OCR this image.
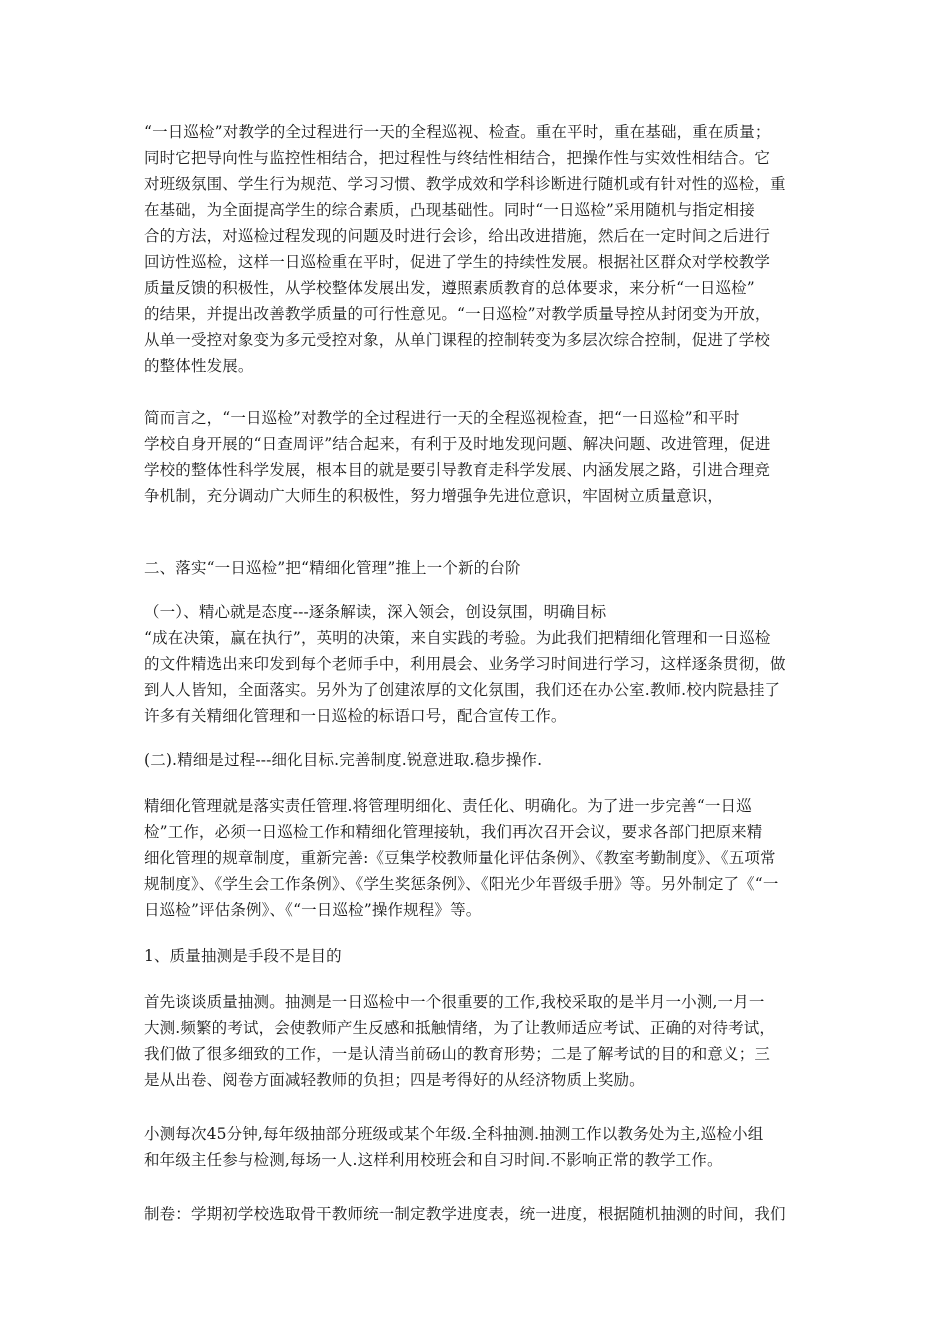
“一日巡检”对教学的全过程进行一天的全程巡视、检查。重在平时，重在基础，重在质量；
同时它把导向性与监控性相结合，把过程性与终结性相结合，把操作性与实效性相结合。它
对班级氛围、学生行为规范、学习习惯、教学成效和学科诊断进行随机或有针对性的巡检，重
在基础，为全面提高学生的综合素质，凸现基础性。同时“一日巡检”采用随机与指定相接
合的方法，对巡检过程发现的问题及时进行会诊，给出改进措施，然后在一定时间之后进行
回访性巡检，这样一日巡检重在平时，促进了学生的持续性发展。根据社区群众对学校教学
质量反馈的积极性，从学校整体发展出发，遵照素质教育的总体要求，来分析“一日巡检”
的结果，并提出改善教学质量的可行性意见。“一日巡检”对教学质量导控从封闭变为开放，
从单一受控对象变为多元受控对象，从单门课程的控制转变为多层次综合控制，促进了学校
的整体性发展。
简而言之，“一日巡检”对教学的全过程进行一天的全程巡视检查，把“一日巡检”和平时
学校自身开展的“日查周评”结合起来，有利于及时地发现问题、解决问题、改进管理，促进
学校的整体性科学发展，根本目的就是要引导教育走科学发展、内涵发展之路，引进合理竞
争机制，充分调动广大师生的积极性，努力增强争先进位意识，牢固树立质量意识，
二、落实“一日巡检”把“精细化管理”推上一个新的台阶
（一）、精心就是态度---逐条解读，深入领会，创设氛围，明确目标
“成在决策，赢在执行”，英明的决策，来自实践的考验。为此我们把精细化管理和一日巡检
的文件精选出来印发到每个老师手中，利用晨会、业务学习时间进行学习，这样逐条贯彻，做
到人人皆知，全面落实。另外为了创建浓厚的文化氛围，我们还在办公室.教师.校内院悬挂了
许多有关精细化管理和一日巡检的标语口号，配合宣传工作。
(二).精细是过程---细化目标.完善制度.锐意进取.稳步操作.
精细化管理就是落实责任管理.将管理明细化、责任化、明确化。为了进一步完善“一日巡
检”工作，必须一日巡检工作和精细化管理接轨，我们再次召开会议，要求各部门把原来精
细化管理的规章制度，重新完善:《豆集学校教师量化评估条例》、《教室考勤制度》、《五项常
规制度》、《学生会工作条例》、《学生奖惩条例》、《阳光少年晋级手册》等。另外制定了《“一
日巡检”评估条例》、《“一日巡检”操作规程》等。
1、质量抽测是手段不是目的
首先谈谈质量抽测。抽测是一日巡检中一个很重要的工作,我校采取的是半月一小测,一月一
大测.频繁的考试，会使教师产生反感和抵触情绪，为了让教师适应考试、正确的对待考试，
我们做了很多细致的工作，一是认清当前砀山的教育形势；二是了解考试的目的和意义；三
是从出卷、阅卷方面减轻教师的负担；四是考得好的从经济物质上奖励。
小测每次45分钟,每年级抽部分班级或某个年级.全科抽测.抽测工作以教务处为主,巡检小组
和年级主任参与检测,每场一人.这样利用校班会和自习时间.不影响正常的教学工作。
制卷：学期初学校选取骨干教师统一制定教学进度表，统一进度，根据随机抽测的时间，我们
